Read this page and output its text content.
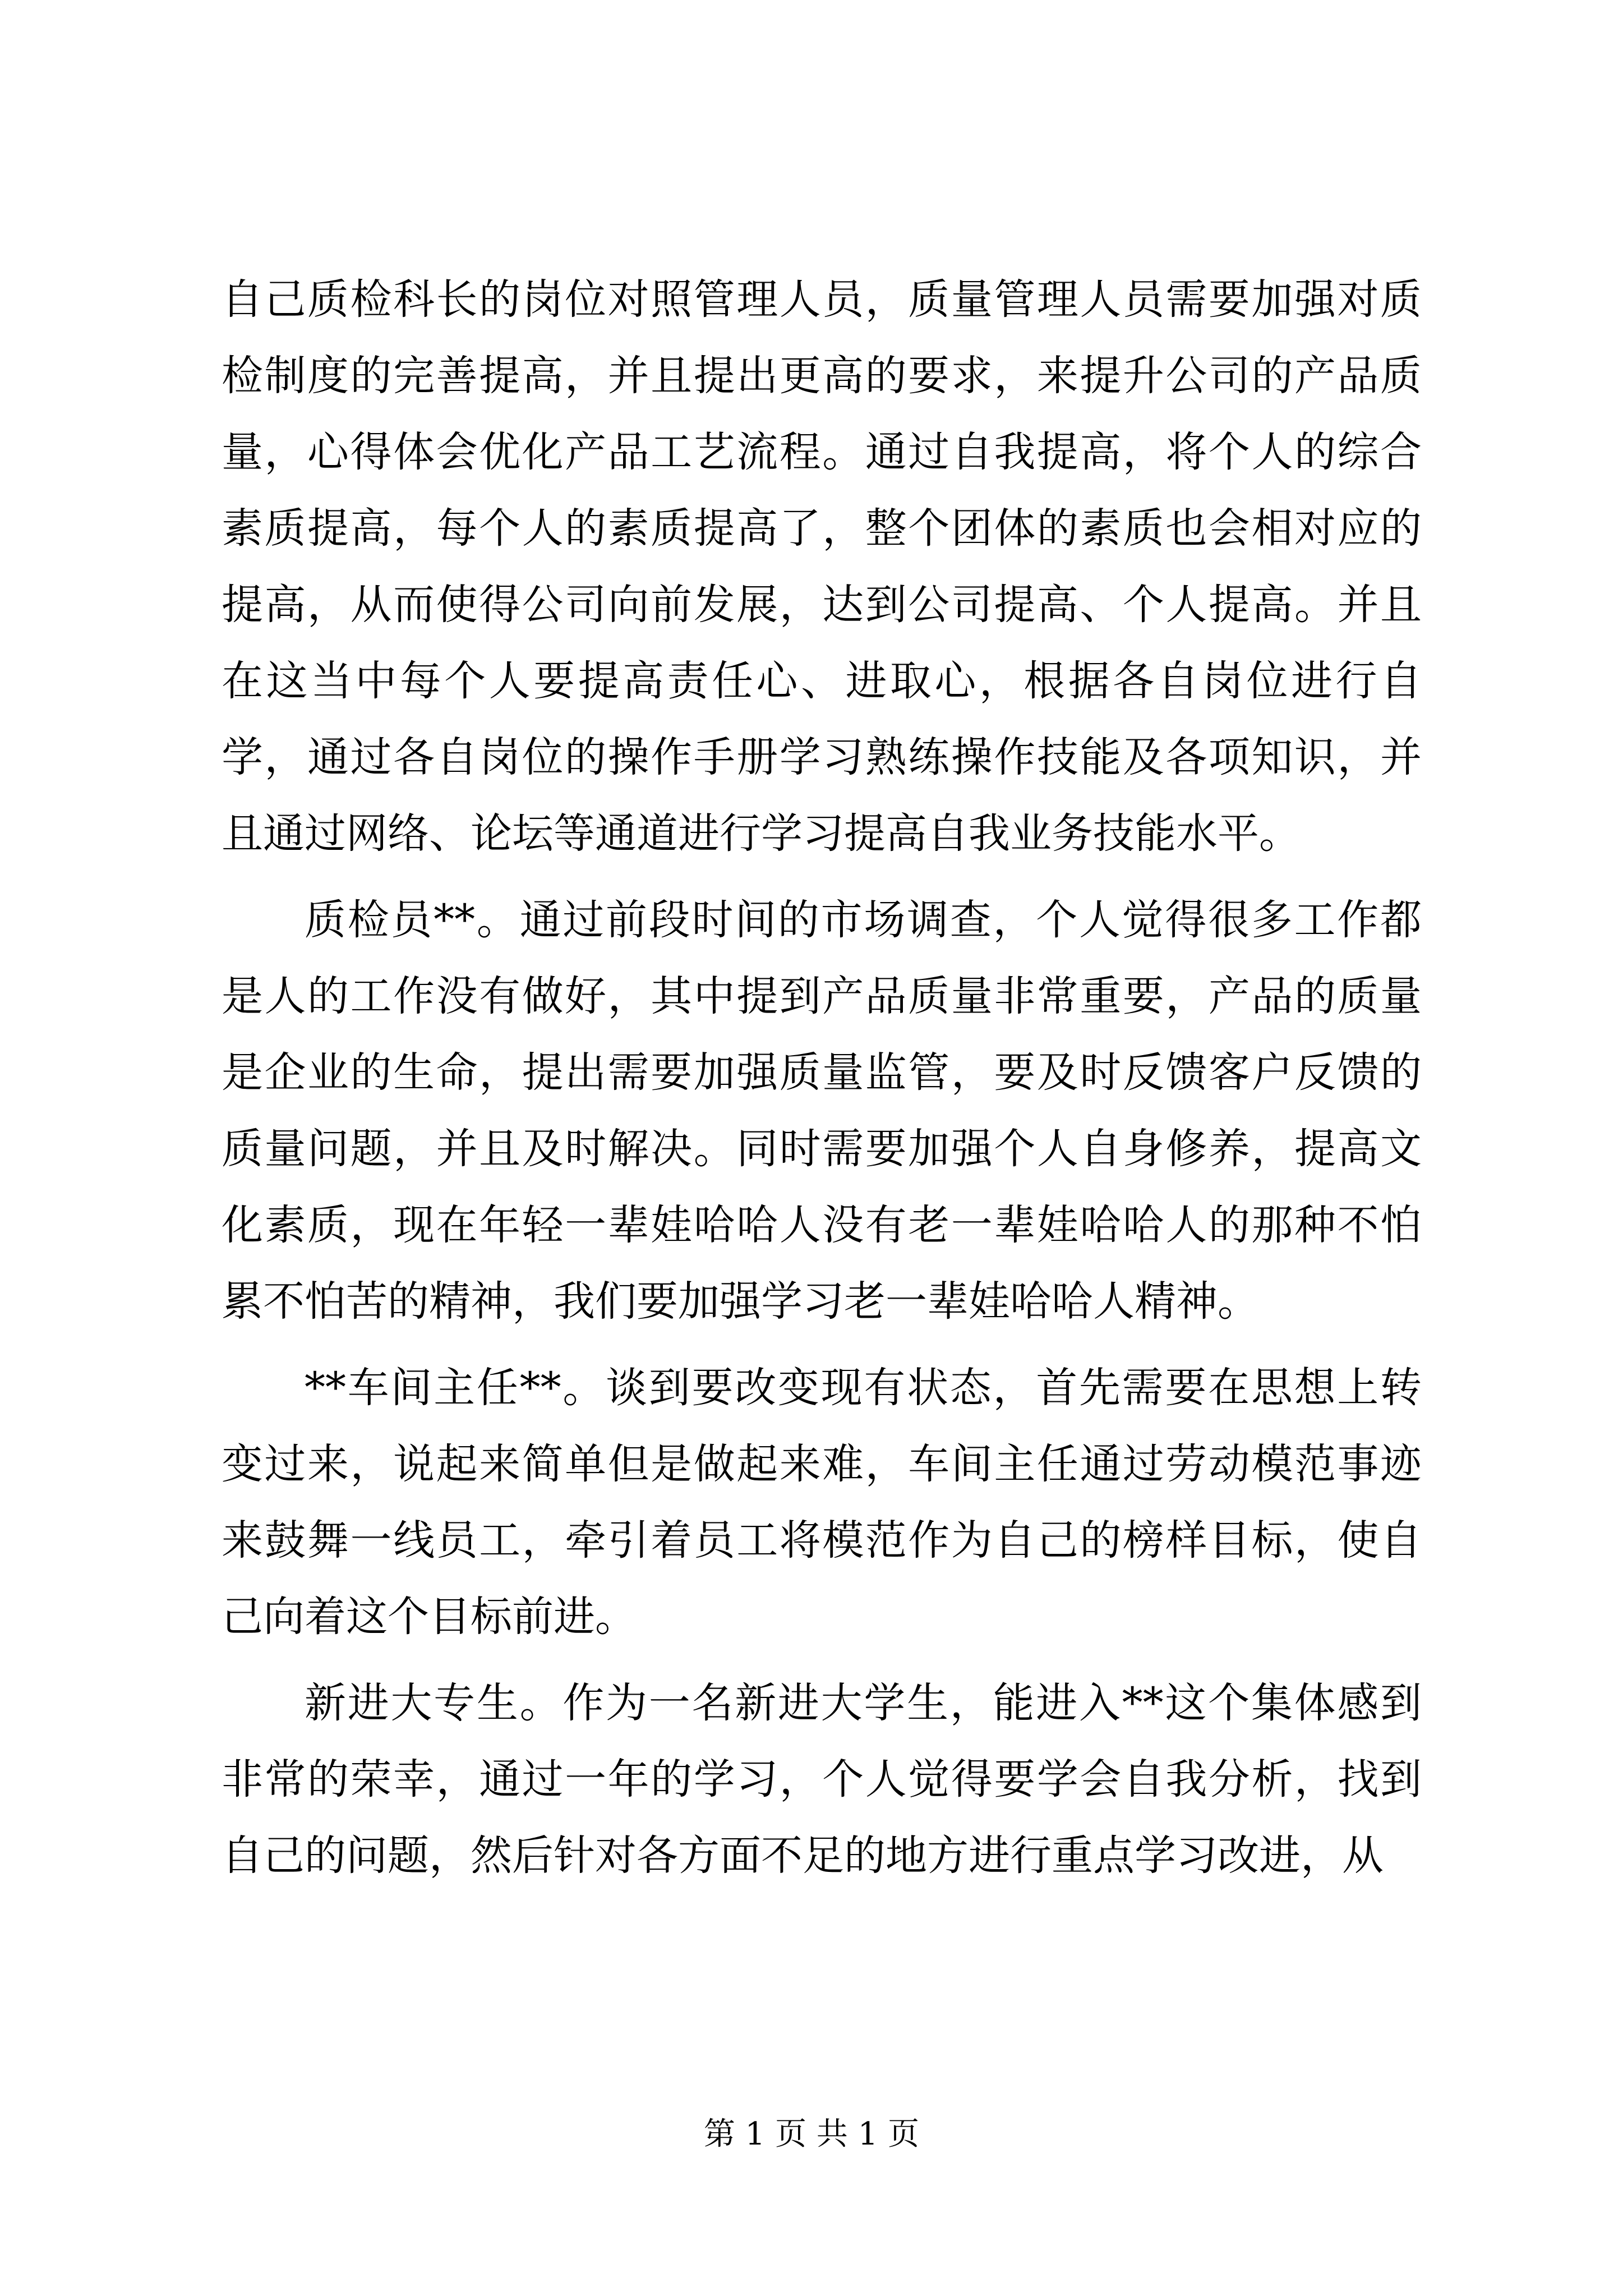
自己质检科长的岗位对照管理人员，质量管理人员需要加强对质检制度的完善提高，并且提出更高的要求，来提升公司的产品质量，心得体会优化产品工艺流程。通过自我提高，将个人的综合素质提高，每个人的素质提高了，整个团体的素质也会相对应的提高，从而使得公司向前发展，达到公司提高、个人提高。并且在这当中每个人要提高责任心、进取心，根据各自岗位进行自学，通过各自岗位的操作手册学习熟练操作技能及各项知识，并且通过网络、论坛等通道进行学习提高自我业务技能水平。

质检员**。通过前段时间的市场调查，个人觉得很多工作都是人的工作没有做好，其中提到产品质量非常重要，产品的质量是企业的生命，提出需要加强质量监管，要及时反馈客户反馈的质量问题，并且及时解决。同时需要加强个人自身修养，提高文化素质，现在年轻一辈娃哈哈人没有老一辈娃哈哈人的那种不怕累不怕苦的精神，我们要加强学习老一辈娃哈哈人精神。

**车间主任**。谈到要改变现有状态，首先需要在思想上转变过来，说起来简单但是做起来难，车间主任通过劳动模范事迹来鼓舞一线员工，牵引着员工将模范作为自己的榜样目标，使自己向着这个目标前进。

新进大专生。作为一名新进大学生，能进入**这个集体感到非常的荣幸，通过一年的学习，个人觉得要学会自我分析，找到自己的问题，然后针对各方面不足的地方进行重点学习改进，从

第 1 页 共 1 页
